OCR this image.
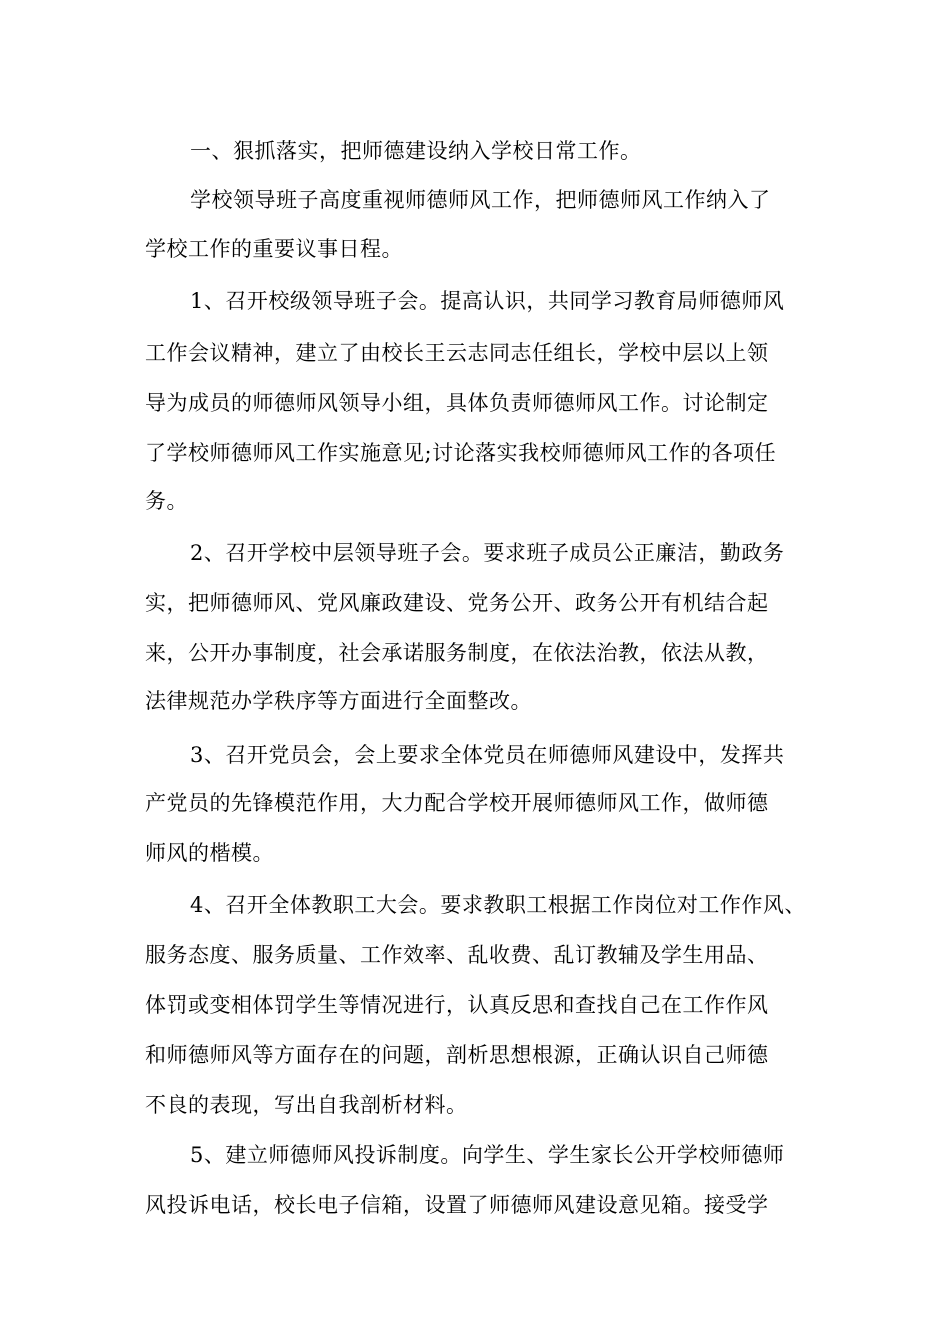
一、狠抓落实，把师德建设纳入学校日常工作。
学校领导班子高度重视师德师风工作，把师德师风工作纳入了
学校工作的重要议事日程。
1、召开校级领导班子会。提高认识，共同学习教育局师德师风
工作会议精神，建立了由校长王云志同志任组长，学校中层以上领
导为成员的师德师风领导小组，具体负责师德师风工作。讨论制定
了学校师德师风工作实施意见;讨论落实我校师德师风工作的各项任
务。
2、召开学校中层领导班子会。要求班子成员公正廉洁，勤政务
实，把师德师风、党风廉政建设、党务公开、政务公开有机结合起
来，公开办事制度，社会承诺服务制度，在依法治教，依法从教，
法律规范办学秩序等方面进行全面整改。
3、召开党员会，会上要求全体党员在师德师风建设中，发挥共
产党员的先锋模范作用，大力配合学校开展师德师风工作，做师德
师风的楷模。
4、召开全体教职工大会。要求教职工根据工作岗位对工作作风、
服务态度、服务质量、工作效率、乱收费、乱订教辅及学生用品、
体罚或变相体罚学生等情况进行，认真反思和查找自己在工作作风
和师德师风等方面存在的问题，剖析思想根源，正确认识自己师德
不良的表现，写出自我剖析材料。
5、建立师德师风投诉制度。向学生、学生家长公开学校师德师
风投诉电话，校长电子信箱，设置了师德师风建设意见箱。接受学
